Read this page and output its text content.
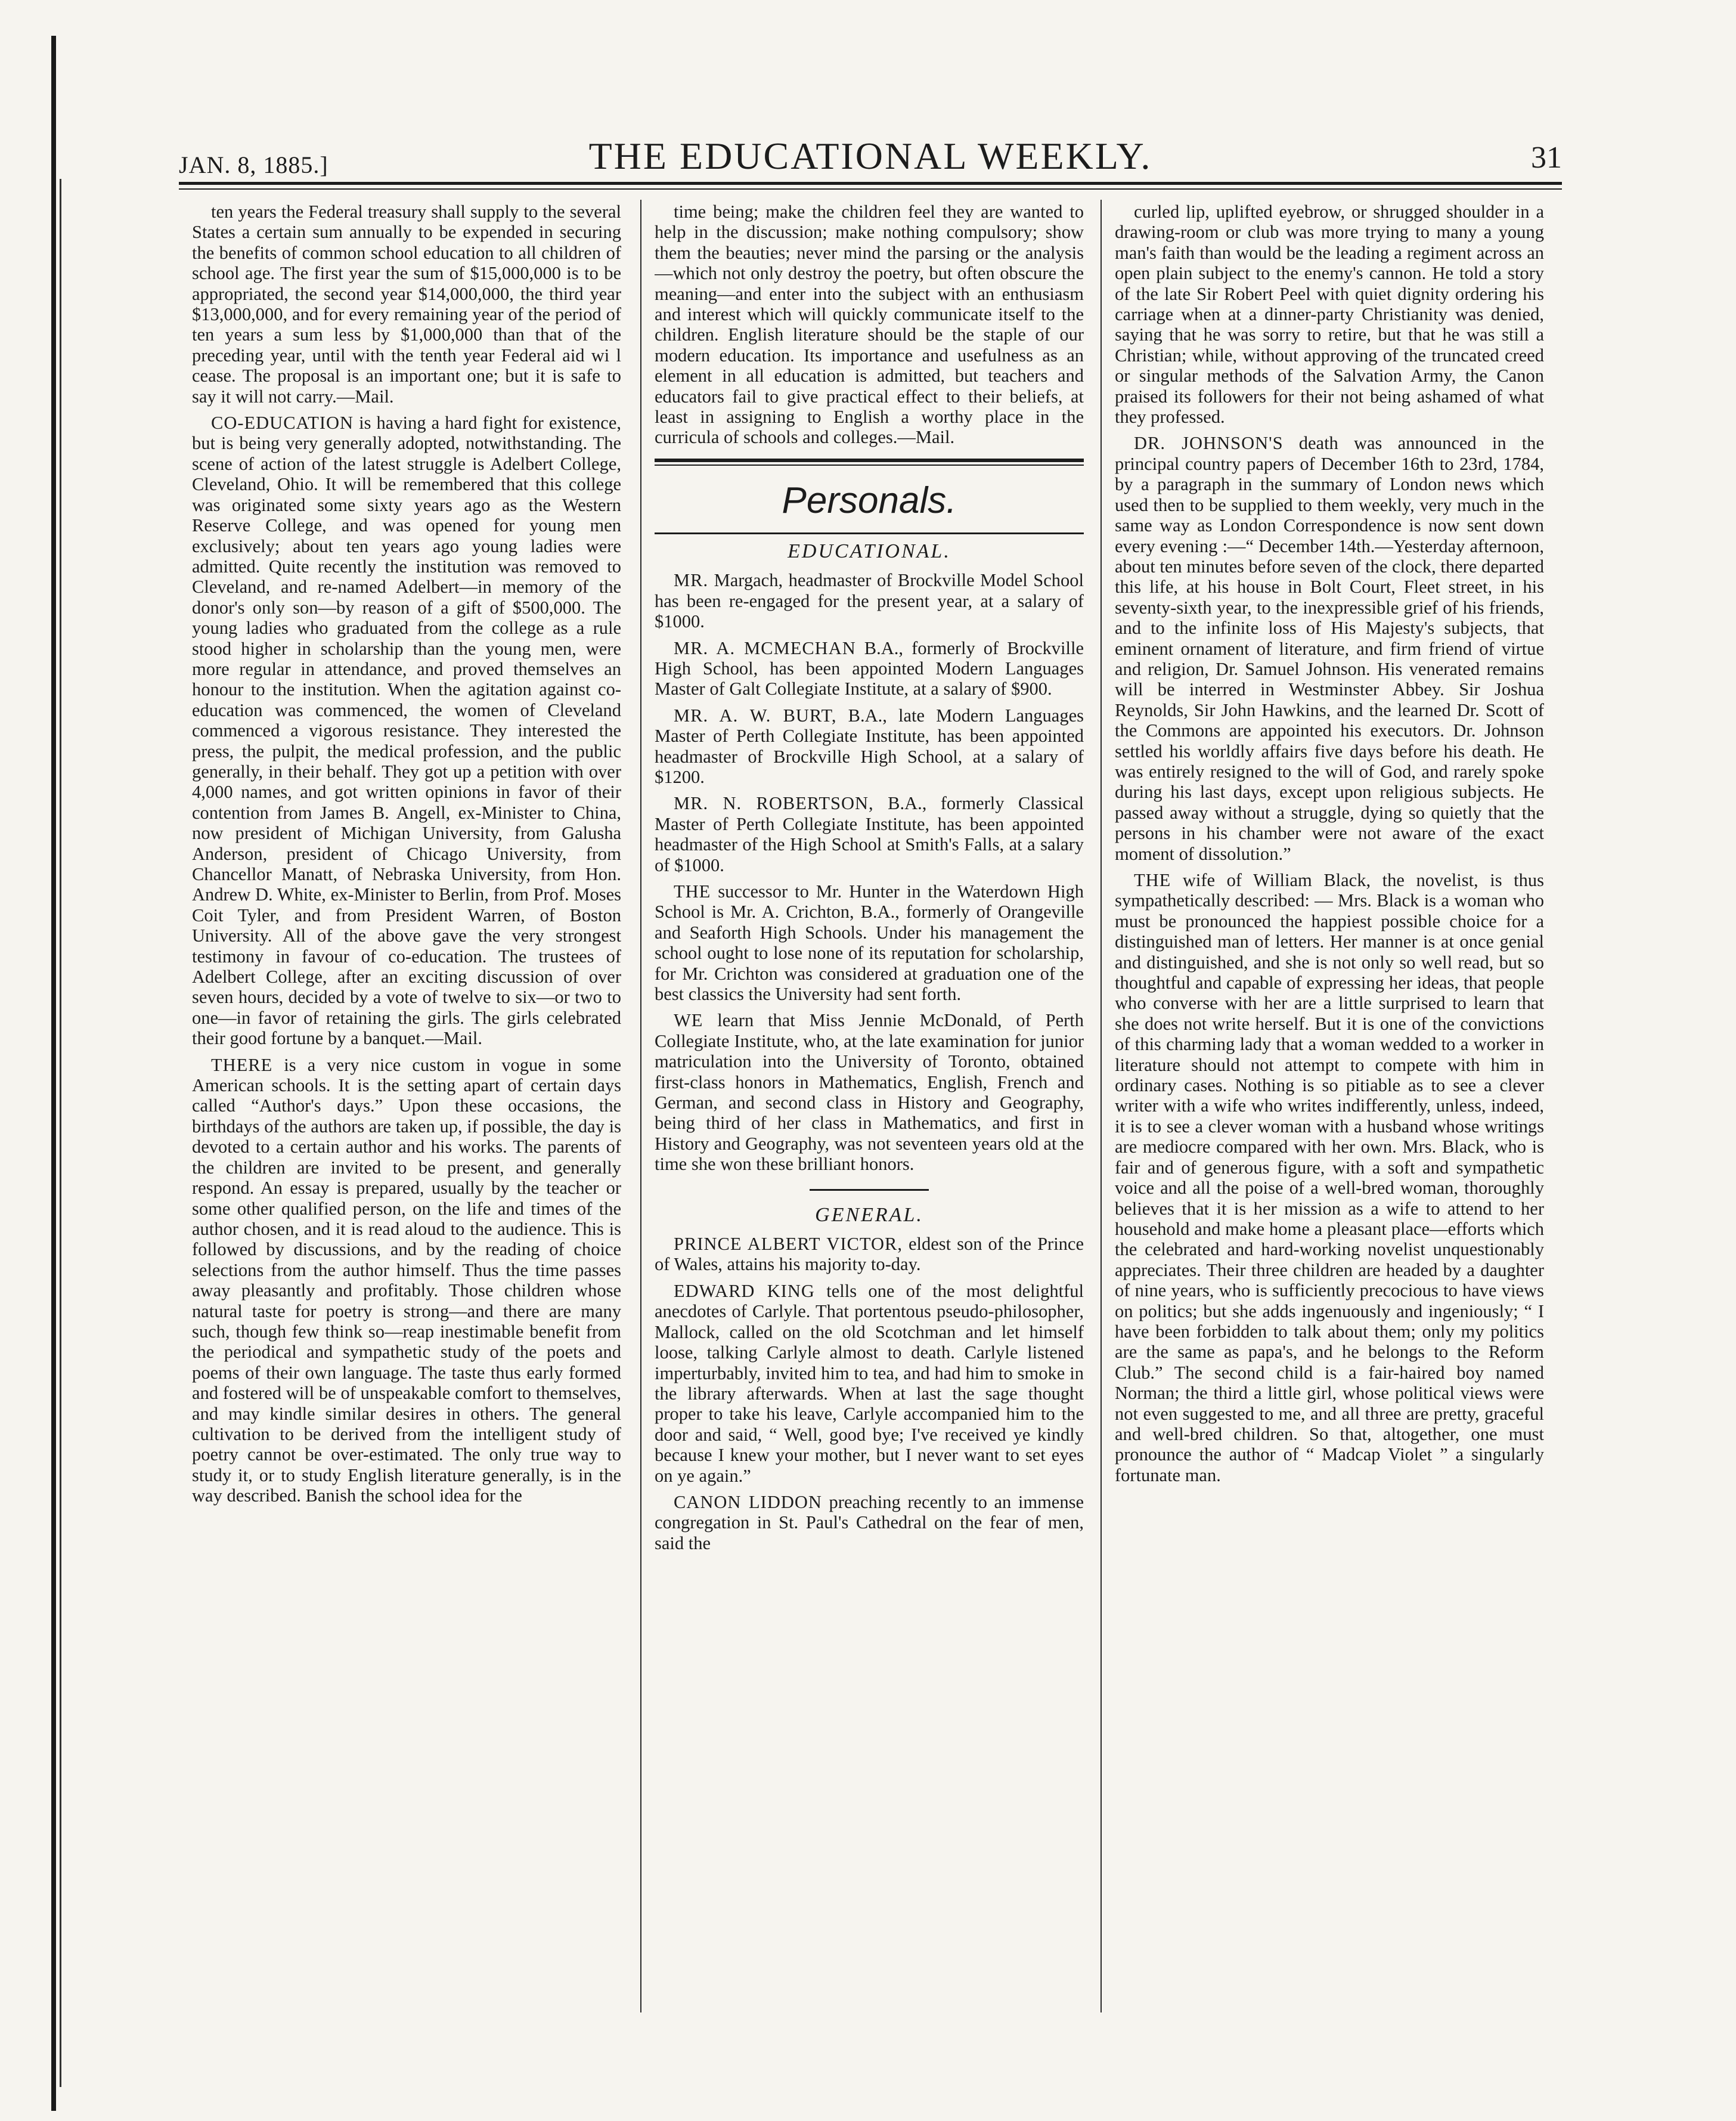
JAN. 8, 1885.]	THE EDUCATIONAL WEEKLY.	31

ten years the Federal treasury shall supply to the several States a certain sum annually to be expended in securing the benefits of common school education to all children of school age. The first year the sum of $15,000,000 is to be appropriated, the second year $14,000,000, the third year $13,000,000, and for every remaining year of the period of ten years a sum less by $1,000,000 than that of the preceding year, until with the tenth year Federal aid wi l cease. The proposal is an important one; but it is safe to say it will not carry.—Mail.

CO-EDUCATION is having a hard fight for existence, but is being very generally adopted, notwithstanding. The scene of action of the latest struggle is Adelbert College, Cleveland, Ohio. It will be remembered that this college was originated some sixty years ago as the Western Reserve College, and was opened for young men exclusively; about ten years ago young ladies were admitted. Quite recently the institution was removed to Cleveland, and re-named Adelbert—in memory of the donor's only son—by reason of a gift of $500,000. The young ladies who graduated from the college as a rule stood higher in scholarship than the young men, were more regular in attendance, and proved themselves an honour to the institution. When the agitation against co-education was commenced, the women of Cleveland commenced a vigorous resistance. They interested the press, the pulpit, the medical profession, and the public generally, in their behalf. They got up a petition with over 4,000 names, and got written opinions in favor of their contention from James B. Angell, ex-Minister to China, now president of Michigan University, from Galusha Anderson, president of Chicago University, from Chancellor Manatt, of Nebraska University, from Hon. Andrew D. White, ex-Minister to Berlin, from Prof. Moses Coit Tyler, and from President Warren, of Boston University. All of the above gave the very strongest testimony in favour of co-education. The trustees of Adelbert College, after an exciting discussion of over seven hours, decided by a vote of twelve to six—or two to one—in favor of retaining the girls. The girls celebrated their good fortune by a banquet.—Mail.

THERE is a very nice custom in vogue in some American schools. It is the setting apart of certain days called “Author's days.” Upon these occasions, the birthdays of the authors are taken up, if possible, the day is devoted to a certain author and his works. The parents of the children are invited to be present, and generally respond. An essay is prepared, usually by the teacher or some other qualified person, on the life and times of the author chosen, and it is read aloud to the audience. This is followed by discussions, and by the reading of choice selections from the author himself. Thus the time passes away pleasantly and profitably. Those children whose natural taste for poetry is strong—and there are many such, though few think so—reap inestimable benefit from the periodical and sympathetic study of the poets and poems of their own language. The taste thus early formed and fostered will be of unspeakable comfort to themselves, and may kindle similar desires in others. The general cultivation to be derived from the intelligent study of poetry cannot be over-estimated. The only true way to study it, or to study English literature generally, is in the way described. Banish the school idea for the

time being; make the children feel they are wanted to help in the discussion; make nothing compulsory; show them the beauties; never mind the parsing or the analysis—which not only destroy the poetry, but often obscure the meaning—and enter into the subject with an enthusiasm and interest which will quickly communicate itself to the children. English literature should be the staple of our modern education. Its importance and usefulness as an element in all education is admitted, but teachers and educators fail to give practical effect to their beliefs, at least in assigning to English a worthy place in the curricula of schools and colleges.—Mail.

Personals.
EDUCATIONAL.

MR. Margach, headmaster of Brockville Model School has been re-engaged for the present year, at a salary of $1000.

MR. A. MCMECHAN B.A., formerly of Brockville High School, has been appointed Modern Languages Master of Galt Collegiate Institute, at a salary of $900.

MR. A. W. BURT, B.A., late Modern Languages Master of Perth Collegiate Institute, has been appointed headmaster of Brockville High School, at a salary of $1200.

MR. N. ROBERTSON, B.A., formerly Classical Master of Perth Collegiate Institute, has been appointed headmaster of the High School at Smith's Falls, at a salary of $1000.

THE successor to Mr. Hunter in the Waterdown High School is Mr. A. Crichton, B.A., formerly of Orangeville and Seaforth High Schools. Under his management the school ought to lose none of its reputation for scholarship, for Mr. Crichton was considered at graduation one of the best classics the University had sent forth.

WE learn that Miss Jennie McDonald, of Perth Collegiate Institute, who, at the late examination for junior matriculation into the University of Toronto, obtained first-class honors in Mathematics, English, French and German, and second class in History and Geography, being third of her class in Mathematics, and first in History and Geography, was not seventeen years old at the time she won these brilliant honors.

GENERAL.

PRINCE ALBERT VICTOR, eldest son of the Prince of Wales, attains his majority to-day.

EDWARD KING tells one of the most delightful anecdotes of Carlyle. That portentous pseudo-philosopher, Mallock, called on the old Scotchman and let himself loose, talking Carlyle almost to death. Carlyle listened imperturbably, invited him to tea, and had him to smoke in the library afterwards. When at last the sage thought proper to take his leave, Carlyle accompanied him to the door and said, “ Well, good bye; I've received ye kindly because I knew your mother, but I never want to set eyes on ye again.”

CANON LIDDON preaching recently to an immense congregation in St. Paul's Cathedral on the fear of men, said the

curled lip, uplifted eyebrow, or shrugged shoulder in a drawing-room or club was more trying to many a young man's faith than would be the leading a regiment across an open plain subject to the enemy's cannon. He told a story of the late Sir Robert Peel with quiet dignity ordering his carriage when at a dinner-party Christianity was denied, saying that he was sorry to retire, but that he was still a Christian; while, without approving of the truncated creed or singular methods of the Salvation Army, the Canon praised its followers for their not being ashamed of what they professed.

DR. JOHNSON'S death was announced in the principal country papers of December 16th to 23rd, 1784, by a paragraph in the summary of London news which used then to be supplied to them weekly, very much in the same way as London Correspondence is now sent down every evening :—“ December 14th.—Yesterday afternoon, about ten minutes before seven of the clock, there departed this life, at his house in Bolt Court, Fleet street, in his seventy-sixth year, to the inexpressible grief of his friends, and to the infinite loss of His Majesty's subjects, that eminent ornament of literature, and firm friend of virtue and religion, Dr. Samuel Johnson. His venerated remains will be interred in Westminster Abbey. Sir Joshua Reynolds, Sir John Hawkins, and the learned Dr. Scott of the Commons are appointed his executors. Dr. Johnson settled his worldly affairs five days before his death. He was entirely resigned to the will of God, and rarely spoke during his last days, except upon religious subjects. He passed away without a struggle, dying so quietly that the persons in his chamber were not aware of the exact moment of dissolution.”

THE wife of William Black, the novelist, is thus sympathetically described: — Mrs. Black is a woman who must be pronounced the happiest possible choice for a distinguished man of letters. Her manner is at once genial and distinguished, and she is not only so well read, but so thoughtful and capable of expressing her ideas, that people who converse with her are a little surprised to learn that she does not write herself. But it is one of the convictions of this charming lady that a woman wedded to a worker in literature should not attempt to compete with him in ordinary cases. Nothing is so pitiable as to see a clever writer with a wife who writes indifferently, unless, indeed, it is to see a clever woman with a husband whose writings are mediocre compared with her own. Mrs. Black, who is fair and of generous figure, with a soft and sympathetic voice and all the poise of a well-bred woman, thoroughly believes that it is her mission as a wife to attend to her household and make home a pleasant place—efforts which the celebrated and hard-working novelist unquestionably appreciates. Their three children are headed by a daughter of nine years, who is sufficiently precocious to have views on politics; but she adds ingenuously and ingeniously; “ I have been forbidden to talk about them; only my politics are the same as papa's, and he belongs to the Reform Club.” The second child is a fair-haired boy named Norman; the third a little girl, whose political views were not even suggested to me, and all three are pretty, graceful and well-bred children. So that, altogether, one must pronounce the author of “ Madcap Violet ” a singularly fortunate man.
